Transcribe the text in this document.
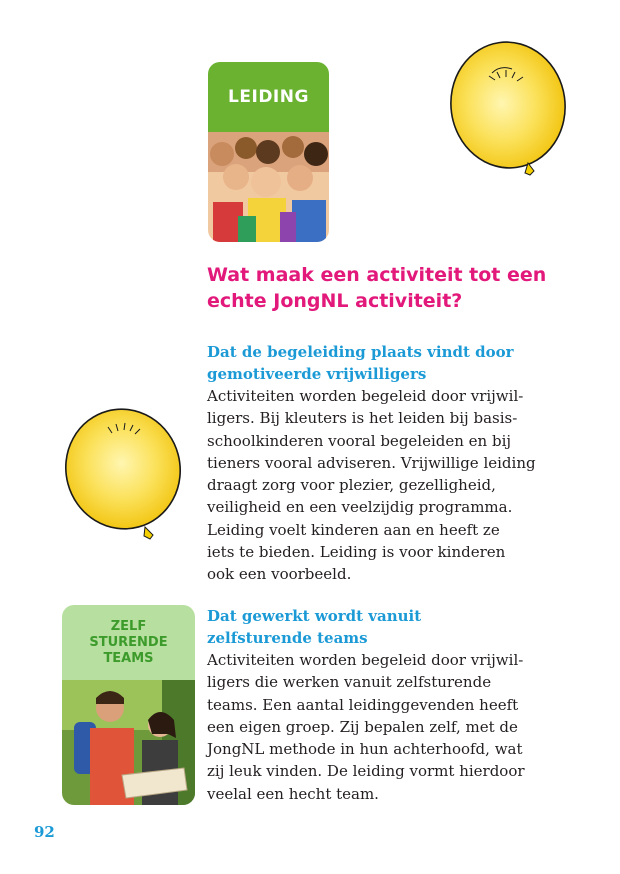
LEIDING
Wat maak een activiteit tot een
echte JongNL activiteit?
Dat de begeleiding plaats vindt door
gemotiveerde vrijwilligers

Activiteiten worden begeleid door vrijwil-
ligers. Bij kleuters is het leiden bij basis-
schoolkinderen vooral begeleiden en bij
tieners vooral adviseren. Vrijwillige leiding
draagt zorg voor plezier, gezelligheid,
veiligheid en een veelzijdig programma.
Leiding voelt kinderen aan en heeft ze
iets te bieden. Leiding is voor kinderen
ook een voorbeeld.

ZELF
STURENDE
TEAMS
Dat gewerkt wordt vanuit
zelfsturende teams

Activiteiten worden begeleid door vrijwil-
ligers die werken vanuit zelfsturende
teams. Een aantal leidinggevenden heeft
een eigen groep. Zij bepalen zelf, met de
JongNL methode in hun achterhoofd, wat
zij leuk vinden. De leiding vormt hierdoor
veelal een hecht team.

92
